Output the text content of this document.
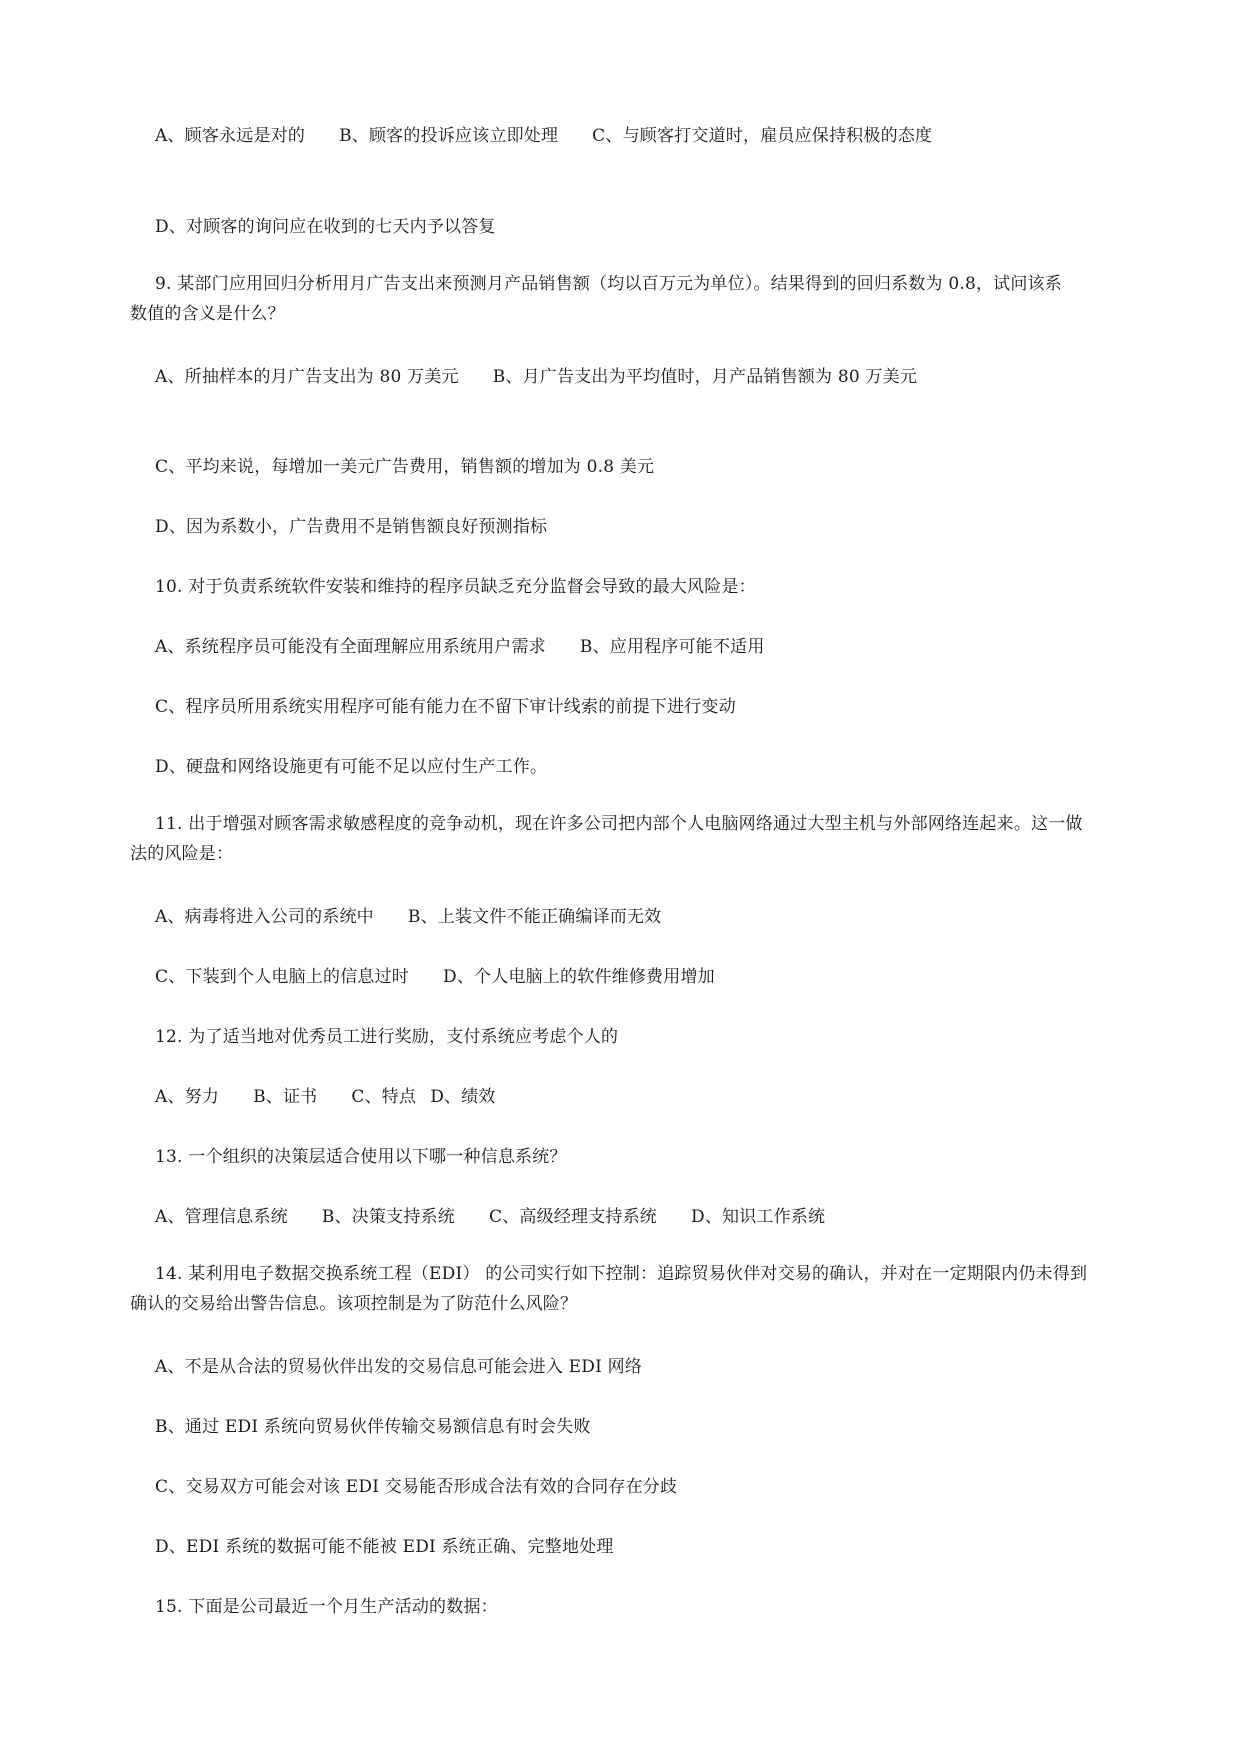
A、顾客永远是对的 B、顾客的投诉应该立即处理 C、与顾客打交道时，雇员应保持积极的态度
D、对顾客的询问应在收到的七天内予以答复
9. 某部门应用回归分析用月广告支出来预测月产品销售额（均以百万元为单位）。结果得到的回归系数为 0.8，试问该系
数值的含义是什么？
A、所抽样本的月广告支出为 80 万美元 B、月广告支出为平均值时，月产品销售额为 80 万美元
C、平均来说，每增加一美元广告费用，销售额的增加为 0.8 美元
D、因为系数小，广告费用不是销售额良好预测指标
10. 对于负责系统软件安装和维持的程序员缺乏充分监督会导致的最大风险是：
A、系统程序员可能没有全面理解应用系统用户需求 B、应用程序可能不适用
C、程序员所用系统实用程序可能有能力在不留下审计线索的前提下进行变动
D、硬盘和网络设施更有可能不足以应付生产工作。
11. 出于增强对顾客需求敏感程度的竞争动机，现在许多公司把内部个人电脑网络通过大型主机与外部网络连起来。这一做
法的风险是：
A、病毒将进入公司的系统中 B、上装文件不能正确编译而无效
C、下装到个人电脑上的信息过时 D、个人电脑上的软件维修费用增加
12. 为了适当地对优秀员工进行奖励，支付系统应考虑个人的
A、努力 B、证书 C、特点 D、绩效
13. 一个组织的决策层适合使用以下哪一种信息系统？
A、管理信息系统 B、决策支持系统 C、高级经理支持系统 D、知识工作系统
14. 某利用电子数据交换系统工程（EDI） 的公司实行如下控制：追踪贸易伙伴对交易的确认，并对在一定期限内仍未得到
确认的交易给出警告信息。该项控制是为了防范什么风险？
A、不是从合法的贸易伙伴出发的交易信息可能会进入 EDI 网络
B、通过 EDI 系统向贸易伙伴传输交易额信息有时会失败
C、交易双方可能会对该 EDI 交易能否形成合法有效的合同存在分歧
D、EDI 系统的数据可能不能被 EDI 系统正确、完整地处理
15. 下面是公司最近一个月生产活动的数据：
